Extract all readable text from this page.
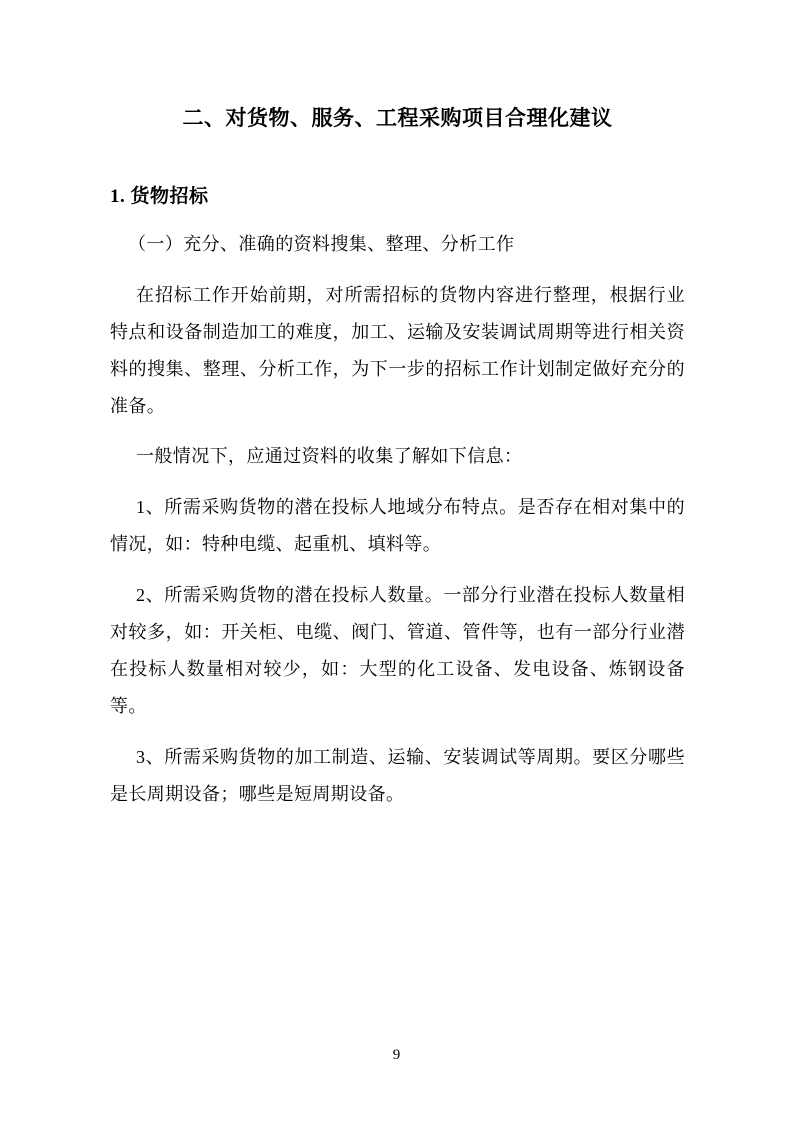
二、对货物、服务、工程采购项目合理化建议
1. 货物招标

（一）充分、准确的资料搜集、整理、分析工作

在招标工作开始前期，对所需招标的货物内容进行整理，根据行业特点和设备制造加工的难度，加工、运输及安装调试周期等进行相关资料的搜集、整理、分析工作，为下一步的招标工作计划制定做好充分的准备。

一般情况下，应通过资料的收集了解如下信息：

1、所需采购货物的潜在投标人地域分布特点。是否存在相对集中的情况，如：特种电缆、起重机、填料等。

2、所需采购货物的潜在投标人数量。一部分行业潜在投标人数量相对较多，如：开关柜、电缆、阀门、管道、管件等，也有一部分行业潜在投标人数量相对较少，如：大型的化工设备、发电设备、炼钢设备等。

3、所需采购货物的加工制造、运输、安装调试等周期。要区分哪些是长周期设备；哪些是短周期设备。

9
